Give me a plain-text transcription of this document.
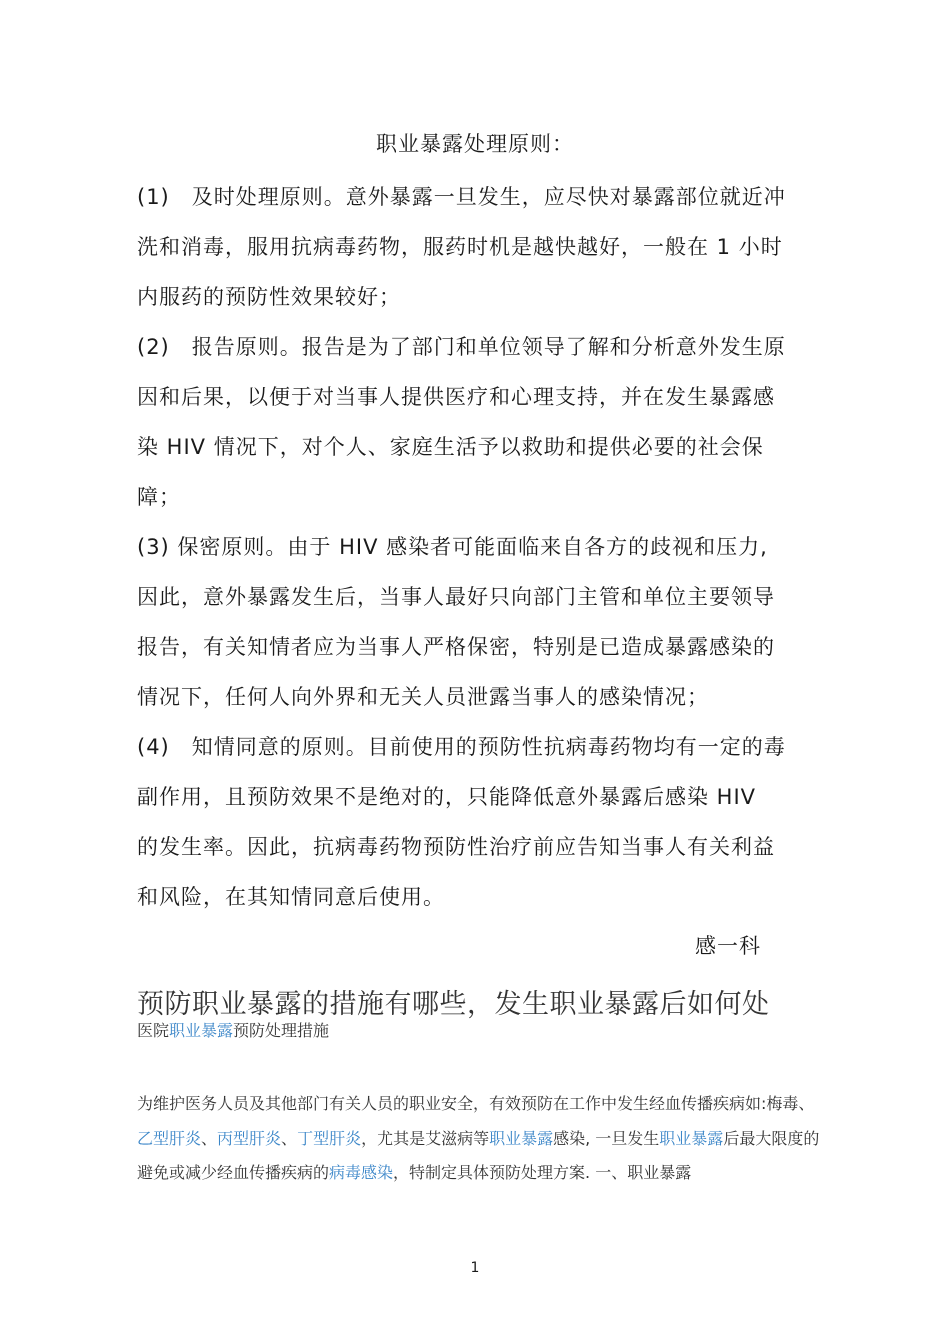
职业暴露处理原则：

(1)　及时处理原则。意外暴露一旦发生，应尽快对暴露部位就近冲

洗和消毒，服用抗病毒药物，服药时机是越快越好，一般在 1 小时

内服药的预防性效果较好；

(2)　报告原则。报告是为了部门和单位领导了解和分析意外发生原

因和后果，以便于对当事人提供医疗和心理支持，并在发生暴露感

染 HIV 情况下，对个人、家庭生活予以救助和提供必要的社会保

障；

(3) 保密原则。由于 HIV 感染者可能面临来自各方的歧视和压力,

因此，意外暴露发生后，当事人最好只向部门主管和单位主要领导

报告，有关知情者应为当事人严格保密，特别是已造成暴露感染的

情况下，任何人向外界和无关人员泄露当事人的感染情况；

(4)　知情同意的原则。目前使用的预防性抗病毒药物均有一定的毒

副作用，且预防效果不是绝对的，只能降低意外暴露后感染 HIV

的发生率。因此，抗病毒药物预防性治疗前应告知当事人有关利益

和风险，在其知情同意后使用。

感一科
预防职业暴露的措施有哪些，发生职业暴露后如何处
医院职业暴露预防处理措施
为维护医务人员及其他部门有关人员的职业安全，有效预防在工作中发生经血传播疾病如:梅毒、乙型肝炎、丙型肝炎、丁型肝炎，尤其是艾滋病等职业暴露感染, 一旦发生职业暴露后最大限度的避免或减少经血传播疾病的病毒感染，特制定具体预防处理方案. 一、职业暴露
1
